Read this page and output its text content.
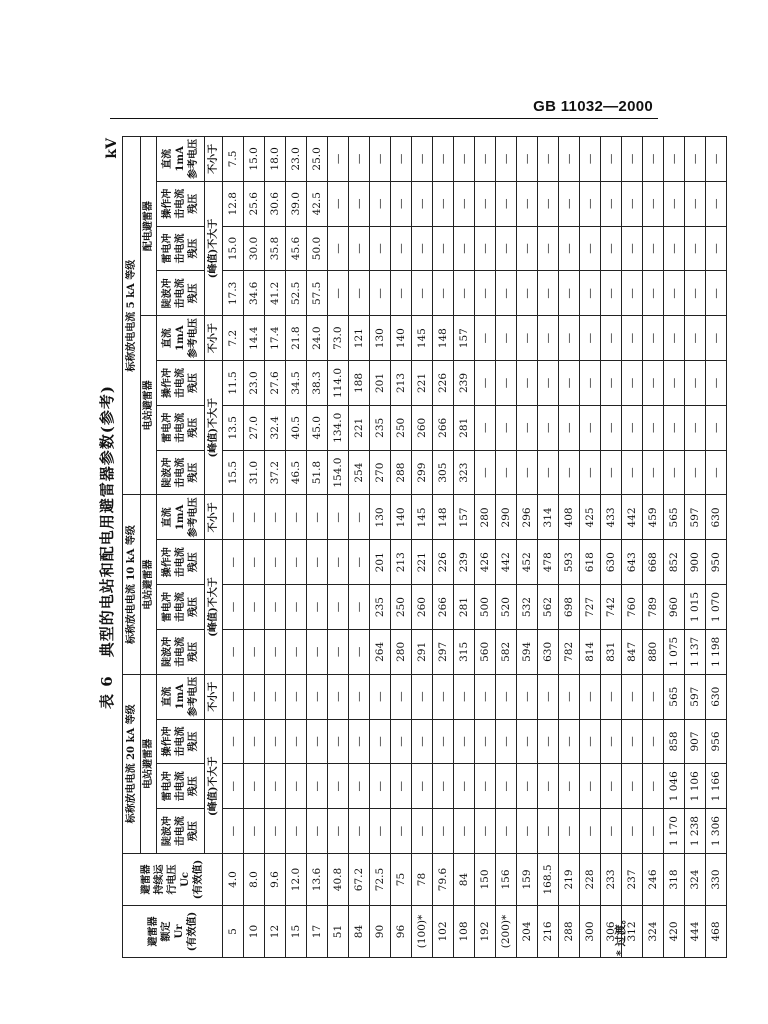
GB 11032—2000
表 6典型的电站和配电用避雷器参数(参考)
kV
避雷器 额定 Ur (有效值)	避雷器 持续运 行电压 Uc (有效值)	标称放电电流 20 kA 等级				标称放电电流 10 kA 等级				标称放电电流 5 kA 等级							
		电站避雷器				电站避雷器				电站避雷器				配电避雷器			
		陡波冲 击电流 残压	雷电冲 击电流 残压	操作冲 击电流 残压	直流 1mA 参考电压	陡波冲 击电流 残压	雷电冲 击电流 残压	操作冲 击电流 残压	直流 1mA 参考电压	陡波冲 击电流 残压	雷电冲 击电流 残压	操作冲 击电流 残压	直流 1mA 参考电压	陡波冲 击电流 残压	雷电冲 击电流 残压	操作冲 击电流 残压	直流 1mA 参考电压
		(峰值)不大于			不小于	(峰值)不大于			不小于	(峰值)不大于			不小于	(峰值)不大于			不小于
5	4.0	—	—	—	—	—	—	—	—	15.5	13.5	11.5	7.2	17.3	15.0	12.8	7.5
10	8.0	—	—	—	—	—	—	—	—	31.0	27.0	23.0	14.4	34.6	30.0	25.6	15.0
12	9.6	—	—	—	—	—	—	—	—	37.2	32.4	27.6	17.4	41.2	35.8	30.6	18.0
15	12.0	—	—	—	—	—	—	—	—	46.5	40.5	34.5	21.8	52.5	45.6	39.0	23.0
17	13.6	—	—	—	—	—	—	—	—	51.8	45.0	38.3	24.0	57.5	50.0	42.5	25.0
51	40.8	—	—	—	—	—	—	—	—	154.0	134.0	114.0	73.0	—	—	—	—
84	67.2	—	—	—	—	—	—	—	—	254	221	188	121	—	—	—	—
90	72.5	—	—	—	—	264	235	201	130	270	235	201	130	—	—	—	—
96	75	—	—	—	—	280	250	213	140	288	250	213	140	—	—	—	—
(100)*	78	—	—	—	—	291	260	221	145	299	260	221	145	—	—	—	—
102	79.6	—	—	—	—	297	266	226	148	305	266	226	148	—	—	—	—
108	84	—	—	—	—	315	281	239	157	323	281	239	157	—	—	—	—
192	150	—	—	—	—	560	500	426	280	—	—	—	—	—	—	—	—
(200)*	156	—	—	—	—	582	520	442	290	—	—	—	—	—	—	—	—
204	159	—	—	—	—	594	532	452	296	—	—	—	—	—	—	—	—
216	168.5	—	—	—	—	630	562	478	314	—	—	—	—	—	—	—	—
288	219	—	—	—	—	782	698	593	408	—	—	—	—	—	—	—	—
300	228	—	—	—	—	814	727	618	425	—	—	—	—	—	—	—	—
306	233	—	—	—	—	831	742	630	433	—	—	—	—	—	—	—	—
312	237	—	—	—	—	847	760	643	442	—	—	—	—	—	—	—	—
324	246	—	—	—	—	880	789	668	459	—	—	—	—	—	—	—	—
420	318	1 170	1 046	858	565	1 075	960	852	565	—	—	—	—	—	—	—	—
444	324	1 238	1 106	907	597	1 137	1 015	900	597	—	—	—	—	—	—	—	—
468	330	1 306	1 166	956	630	1 198	1 070	950	630	—	—	—	—	—	—	—	—
* 过渡。
